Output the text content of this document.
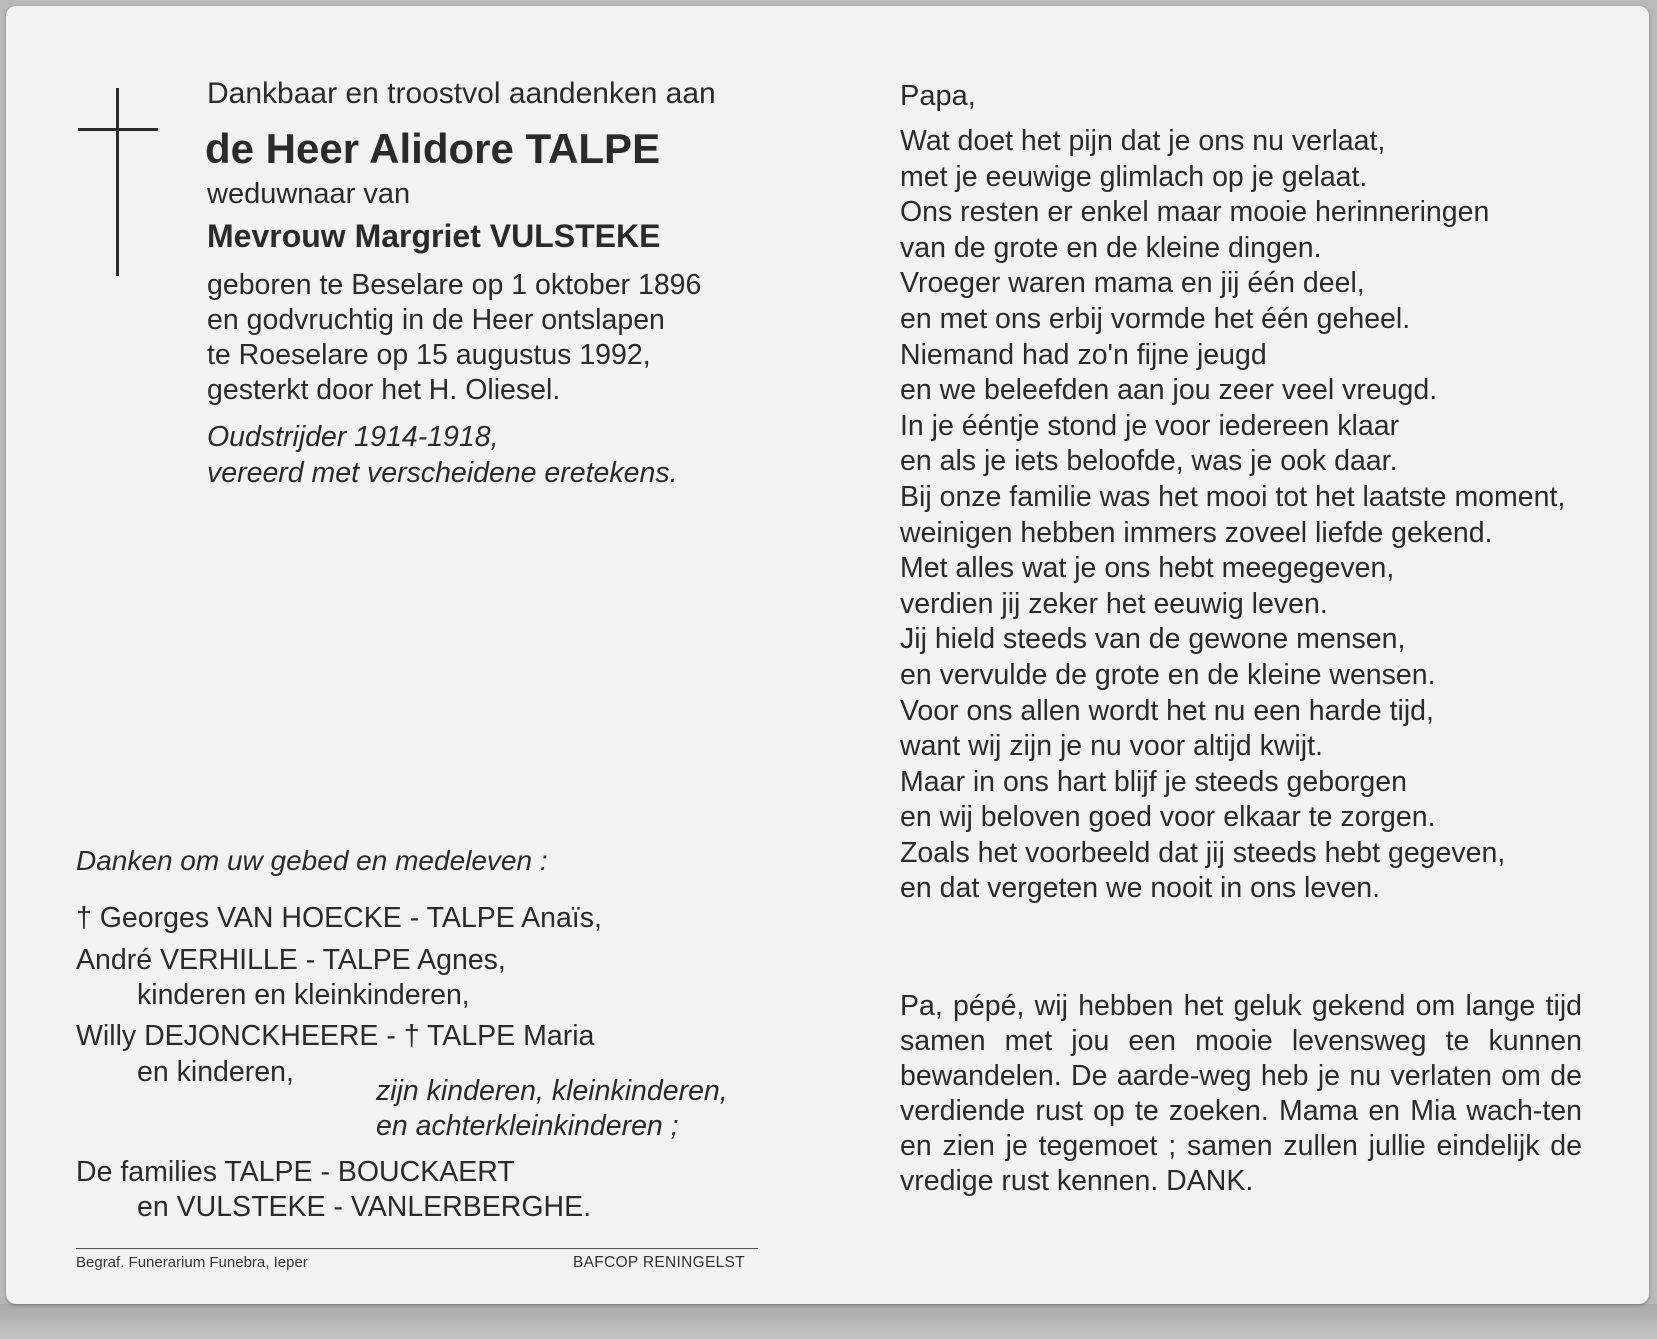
Dankbaar en troostvol aandenken aan
de Heer Alidore TALPE
weduwnaar van
Mevrouw Margriet VULSTEKE
geboren te Beselare op 1 oktober 1896
en godvruchtig in de Heer ontslapen
te Roeselare op 15 augustus 1992,
gesterkt door het H. Oliesel.
Oudstrijder 1914-1918,
vereerd met verscheidene eretekens.
Danken om uw gebed en medeleven :
† Georges VAN HOECKE - TALPE Anaïs,
André VERHILLE - TALPE Agnes,
kinderen en kleinkinderen,
Willy DEJONCKHEERE - † TALPE Maria
en kinderen,
zijn kinderen, kleinkinderen,
en achterkleinkinderen ;
De families TALPE - BOUCKAERT
en VULSTEKE - VANLERBERGHE.
Begraf. Funerarium Funebra, Ieper	BAFCOP RENINGELST
Papa,
Wat doet het pijn dat je ons nu verlaat,
met je eeuwige glimlach op je gelaat.
Ons resten er enkel maar mooie herinneringen
van de grote en de kleine dingen.
Vroeger waren mama en jij één deel,
en met ons erbij vormde het één geheel.
Niemand had zo'n fijne jeugd
en we beleefden aan jou zeer veel vreugd.
In je ééntje stond je voor iedereen klaar
en als je iets beloofde, was je ook daar.
Bij onze familie was het mooi tot het laatste moment,
weinigen hebben immers zoveel liefde gekend.
Met alles wat je ons hebt meegegeven,
verdien jij zeker het eeuwig leven.
Jij hield steeds van de gewone mensen,
en vervulde de grote en de kleine wensen.
Voor ons allen wordt het nu een harde tijd,
want wij zijn je nu voor altijd kwijt.
Maar in ons hart blijf je steeds geborgen
en wij beloven goed voor elkaar te zorgen.
Zoals het voorbeeld dat jij steeds hebt gegeven,
en dat vergeten we nooit in ons leven.
Pa, pépé, wij hebben het geluk gekend om lange tijd samen met jou een mooie levensweg te kunnen bewandelen. De aarde-weg heb je nu verlaten om de verdiende rust op te zoeken. Mama en Mia wach-ten en zien je tegemoet ; samen zullen jullie eindelijk de vredige rust kennen. DANK.
